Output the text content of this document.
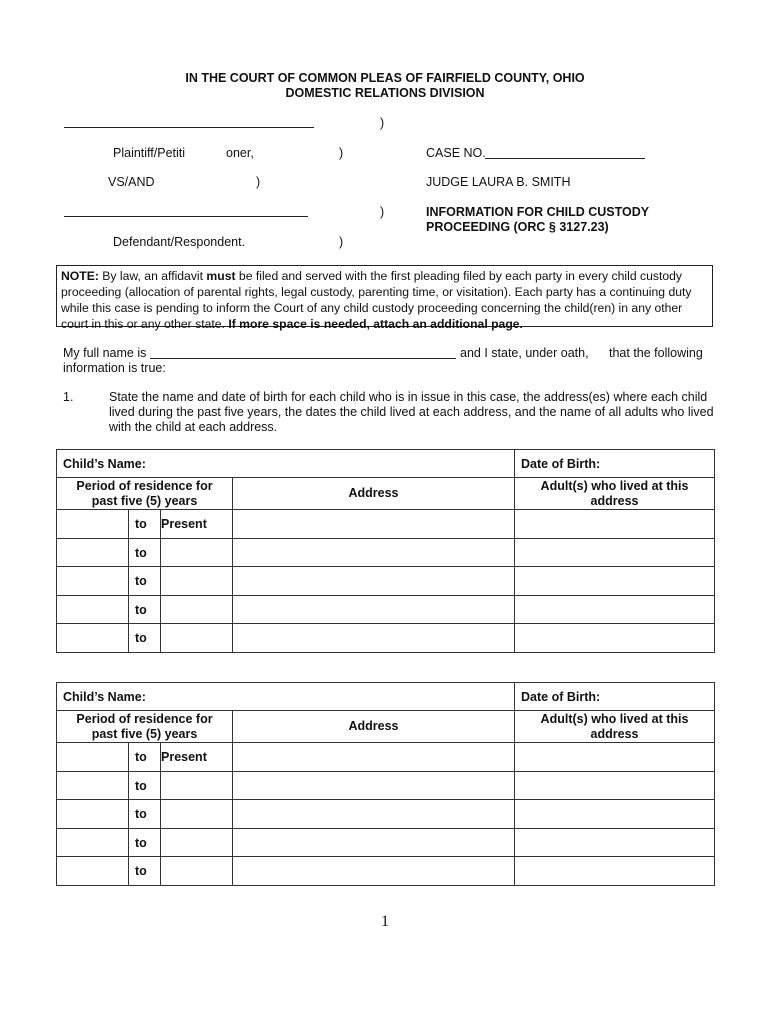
IN THE COURT OF COMMON PLEAS OF FAIRFIELD COUNTY, OHIO
DOMESTIC RELATIONS DIVISION
)
Plaintiff/Petiti	oner,	)	CASE NO.
VS/AND	)	JUDGE LAURA B. SMITH
)	INFORMATION FOR CHILD CUSTODY
PROCEEDING (ORC § 3127.23)
Defendant/Respondent.	)
NOTE: By law, an affidavit must be filed and served with the first pleading filed by each party in every child custody proceeding (allocation of parental rights, legal custody, parenting time, or visitation). Each party has a continuing duty while this case is pending to inform the Court of any child custody proceeding concerning the child(ren) in any other court in this or any other state. If more space is needed, attach an additional page.
My full name is	and I state, under oath, that the following
information is true:
1.	State the name and date of birth for each child who is in issue in this case, the address(es) where each child
lived during the past five years, the dates the child lived at each address, and the name of all adults who lived
with the child at each address.
Child’s Name:				Date of Birth:
Period of residence for past five (5) years			Address	Adult(s) who lived at this address
	to	Present		
	to			
	to			
	to			
	to			
Child’s Name:				Date of Birth:
Period of residence for past five (5) years			Address	Adult(s) who lived at this address
	to	Present		
	to			
	to			
	to			
	to			
1
